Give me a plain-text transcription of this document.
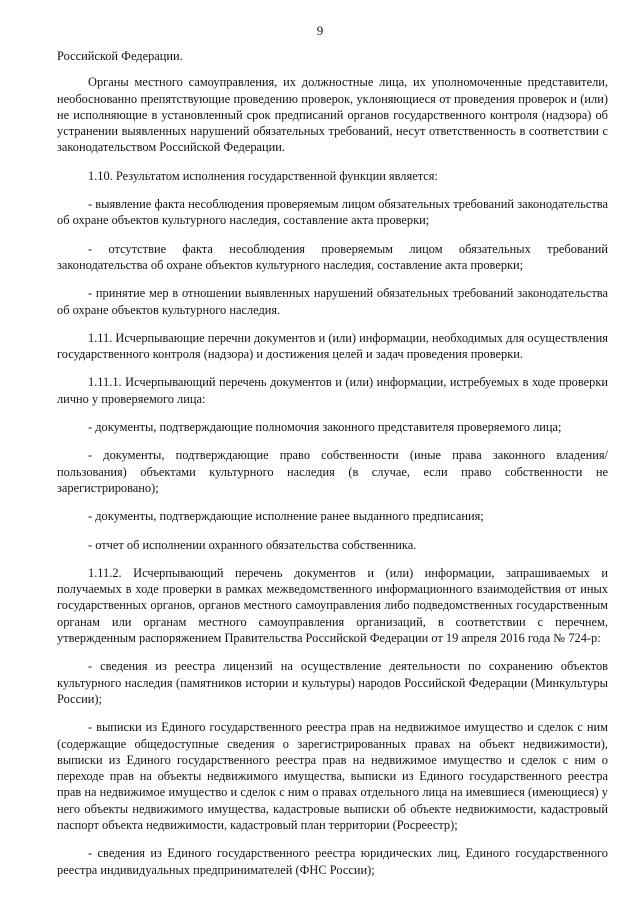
9

Российской Федерации.

Органы местного самоуправления, их должностные лица, их уполномоченные представители, необоснованно препятствующие проведению проверок, уклоняющиеся от проведения проверок и (или) не исполняющие в установленный срок предписаний органов государственного контроля (надзора) об устранении выявленных нарушений обязательных требований, несут ответственность в соответствии с законодательством Российской Федерации.

1.10. Результатом исполнения государственной функции является:

- выявление факта несоблюдения проверяемым лицом обязательных требований законодательства об охране объектов культурного наследия, составление акта проверки;

- отсутствие факта несоблюдения проверяемым лицом обязательных требований законодательства об охране объектов культурного наследия, составление акта проверки;

- принятие мер в отношении выявленных нарушений обязательных требований законодательства об охране объектов культурного наследия.

1.11. Исчерпывающие перечни документов и (или) информации, необходимых для осуществления государственного контроля (надзора) и достижения целей и задач проведения проверки.

1.11.1. Исчерпывающий перечень документов и (или) информации, истребуемых в ходе проверки лично у проверяемого лица:

- документы, подтверждающие полномочия законного представителя проверяемого лица;

- документы, подтверждающие право собственности (иные права законного владения/пользования) объектами культурного наследия (в случае, если право собственности не зарегистрировано);

- документы, подтверждающие исполнение ранее выданного предписания;

- отчет об исполнении охранного обязательства собственника.

1.11.2. Исчерпывающий перечень документов и (или) информации, запрашиваемых и получаемых в ходе проверки в рамках межведомственного информационного взаимодействия от иных государственных органов, органов местного самоуправления либо подведомственных государственным органам или органам местного самоуправления организаций, в соответствии с перечнем, утвержденным распоряжением Правительства Российской Федерации от 19 апреля 2016 года № 724-р:

- сведения из реестра лицензий на осуществление деятельности по сохранению объектов культурного наследия (памятников истории и культуры) народов Российской Федерации (Минкультуры России);

- выписки из Единого государственного реестра прав на недвижимое имущество и сделок с ним (содержащие общедоступные сведения о зарегистрированных правах на объект недвижимости), выписки из Единого государственного реестра прав на недвижимое имущество и сделок с ним о переходе прав на объекты недвижимого имущества, выписки из Единого государственного реестра прав на недвижимое имущество и сделок с ним о правах отдельного лица на имевшиеся (имеющиеся) у него объекты недвижимого имущества, кадастровые выписки об объекте недвижимости, кадастровый паспорт объекта недвижимости, кадастровый план территории (Росреестр);

- сведения из Единого государственного реестра юридических лиц, Единого государственного реестра индивидуальных предпринимателей (ФНС России);
